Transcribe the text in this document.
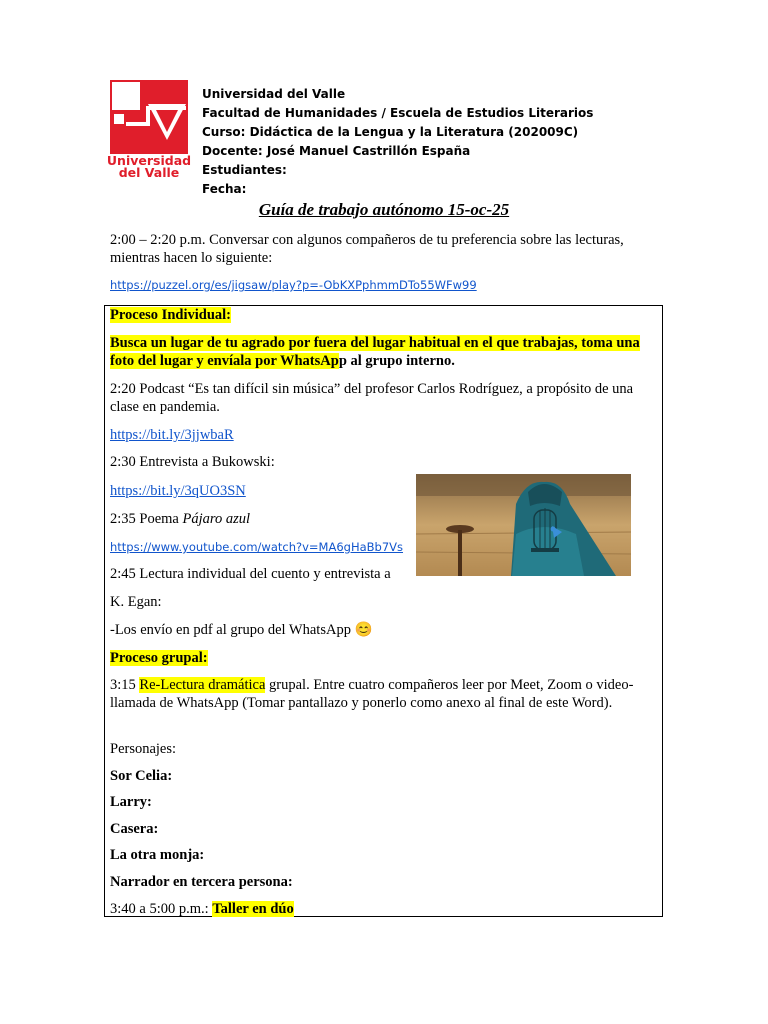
Universidad
del Valle

Universidad del Valle

Facultad de Humanidades / Escuela de Estudios Literarios

Curso: Didáctica de la Lengua y la Literatura (202009C)

Docente: José Manuel Castrillón España

Estudiantes:

Fecha:

Guía de trabajo autónomo 15-oc-25
2:00 – 2:20 p.m. Conversar con algunos compañeros de tu preferencia sobre las lecturas, mientras hacen lo siguiente:
https://puzzel.org/es/jigsaw/play?p=-ObKXPphmmDTo55WFw99
Proceso Individual:
Busca un lugar de tu agrado por fuera del lugar habitual en el que trabajas, toma una foto del lugar y envíala por WhatsApp al grupo interno.
2:20 Podcast “Es tan difícil sin música” del profesor Carlos Rodríguez, a propósito de una clase en pandemia.
https://bit.ly/3jjwbaR
2:30 Entrevista a Bukowski:
https://bit.ly/3qUO3SN
2:35 Poema Pájaro azul
https://www.youtube.com/watch?v=MA6gHaBb7Vs
2:45 Lectura individual del cuento y entrevista a
K. Egan:
-Los envío en pdf al grupo del WhatsApp 😊
Proceso grupal:
3:15 Re-Lectura dramática grupal. Entre cuatro compañeros leer por Meet, Zoom o video-llamada de WhatsApp (Tomar pantallazo y ponerlo como anexo al final de este Word).
Personajes:
Sor Celia:
Larry:
Casera:
La otra monja:
Narrador en tercera persona:
3:40 a 5:00 p.m.: Taller en dúo
